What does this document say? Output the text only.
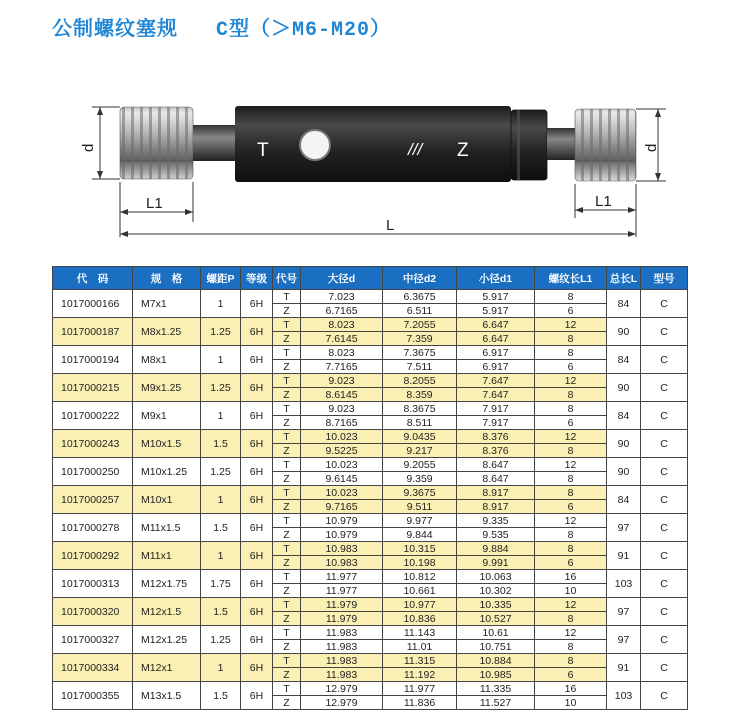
公制螺纹塞规 C型（＞M6-M20）
T	/// Z
d	d
L1	L1
L
代　码	规　格	螺距P	等级	代号	大径d	中径d2	小径d1	螺纹长L1	总长L	型号
1017000166	M7x1	1	6H	T	7.023	6.3675	5.917	8	84	C
				Z	6.7165	6.511	5.917	6		
1017000187	M8x1.25	1.25	6H	T	8.023	7.2055	6.647	12	90	C
				Z	7.6145	7.359	6.647	8		
1017000194	M8x1	1	6H	T	8.023	7.3675	6.917	8	84	C
				Z	7.7165	7.511	6.917	6		
1017000215	M9x1.25	1.25	6H	T	9.023	8.2055	7.647	12	90	C
				Z	8.6145	8.359	7.647	8		
1017000222	M9x1	1	6H	T	9.023	8.3675	7.917	8	84	C
				Z	8.7165	8.511	7.917	6		
1017000243	M10x1.5	1.5	6H	T	10.023	9.0435	8.376	12	90	C
				Z	9.5225	9.217	8.376	8		
1017000250	M10x1.25	1.25	6H	T	10.023	9.2055	8.647	12	90	C
				Z	9.6145	9.359	8.647	8		
1017000257	M10x1	1	6H	T	10.023	9.3675	8.917	8	84	C
				Z	9.7165	9.511	8.917	6		
1017000278	M11x1.5	1.5	6H	T	10.979	9.977	9.335	12	97	C
				Z	10.979	9.844	9.535	8		
1017000292	M11x1	1	6H	T	10.983	10.315	9.884	8	91	C
				Z	10.983	10.198	9.991	6		
1017000313	M12x1.75	1.75	6H	T	11.977	10.812	10.063	16	103	C
				Z	11.977	10.661	10.302	10		
1017000320	M12x1.5	1.5	6H	T	11.979	10.977	10.335	12	97	C
				Z	11.979	10.836	10.527	8		
1017000327	M12x1.25	1.25	6H	T	11.983	11.143	10.61	12	97	C
				Z	11.983	11.01	10.751	8		
1017000334	M12x1	1	6H	T	11.983	11.315	10.884	8	91	C
				Z	11.983	11.192	10.985	6		
1017000355	M13x1.5	1.5	6H	T	12.979	11.977	11.335	16	103	C
				Z	12.979	11.836	11.527	10		
